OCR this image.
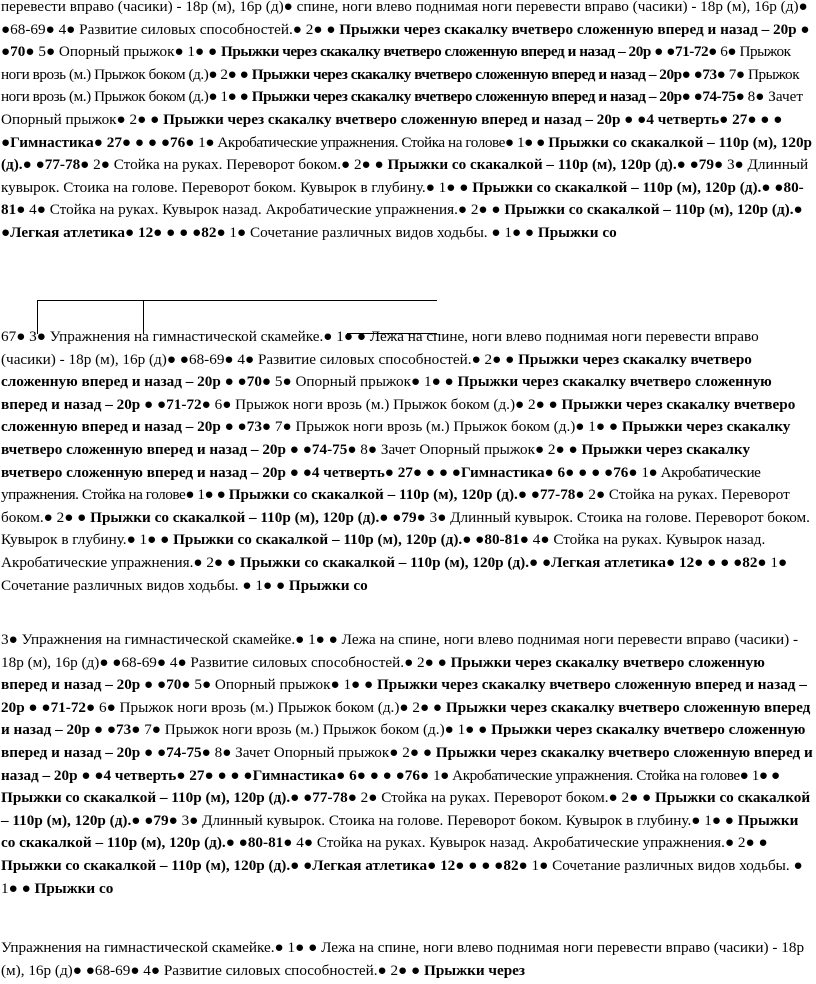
перевести вправо (часики) - 18р (м), 16р (д)● спине, ноги влево поднимая ноги перевести вправо (часики) - 18р (м), 16р (д)● ●68-69● 4● Развитие силовых способностей.● 2● ● Прыжки через скакалку вчетверо сложенную вперед и назад – 20р ● ●70● 5● Опорный прыжок● 1● ● Прыжки через скакалку вчетверо сложенную вперед и назад – 20р ● ●71-72● 6● Прыжок ноги врозь (м.) Прыжок боком (д.)● 2● ● Прыжки через скакалку вчетверо сложенную вперед и назад – 20р● ●73● 7● Прыжок ноги врозь (м.) Прыжок боком (д.)● 1● ● Прыжки через скакалку вчетверо сложенную вперед и назад – 20р● ●74-75● 8● Зачет Опорный прыжок● 2● ● Прыжки через скакалку вчетверо сложенную вперед и назад – 20р ● ●4 четверть● 27● ● ● ●Гимнастика● 27● ● ● ●76● 1● Акробатические упражнения. Стойка на голове● 1● ● Прыжки со скакалкой – 110р (м), 120р (д).● ●77-78● 2● Стойка на руках. Переворот боком.● 2● ● Прыжки со скакалкой – 110р (м), 120р (д).● ●79● 3● Длинный кувырок. Стоика на голове. Переворот боком. Кувырок в глубину.● 1● ● Прыжки со скакалкой – 110р (м), 120р (д).● ●80-81● 4● Стойка на руках. Кувырок назад. Акробатические упражнения.● 2● ● Прыжки со скакалкой – 110р (м), 120р (д).● ●Легкая атлетика● 12● ● ● ●82● 1● Сочетание различных видов ходьбы. ● 1● ● Прыжки со

67● 3● Упражнения на гимнастической скамейке.● 1● ● Лежа на спине, ноги влево поднимая ноги перевести вправо (часики) - 18р (м), 16р (д)● ●68-69● 4● Развитие силовых способностей.● 2● ● Прыжки через скакалку вчетверо сложенную вперед и назад – 20р ● ●70● 5● Опорный прыжок● 1● ● Прыжки через скакалку вчетверо сложенную вперед и назад – 20р ● ●71-72● 6● Прыжок ноги врозь (м.) Прыжок боком (д.)● 2● ● Прыжки через скакалку вчетверо сложенную вперед и назад – 20р ● ●73● 7● Прыжок ноги врозь (м.) Прыжок боком (д.)● 1● ● Прыжки через скакалку вчетверо сложенную вперед и назад – 20р ● ●74-75● 8● Зачет Опорный прыжок● 2● ● Прыжки через скакалку вчетверо сложенную вперед и назад – 20р ● ●4 четверть● 27● ● ● ●Гимнастика● 6● ● ● ●76● 1● Акробатические упражнения. Стойка на голове● 1● ● Прыжки со скакалкой – 110р (м), 120р (д).● ●77-78● 2● Стойка на руках. Переворот боком.● 2● ● Прыжки со скакалкой – 110р (м), 120р (д).● ●79● 3● Длинный кувырок. Стоика на голове. Переворот боком. Кувырок в глубину.● 1● ● Прыжки со скакалкой – 110р (м), 120р (д).● ●80-81● 4● Стойка на руках. Кувырок назад. Акробатические упражнения.● 2● ● Прыжки со скакалкой – 110р (м), 120р (д).● ●Легкая атлетика● 12● ● ● ●82● 1● Сочетание различных видов ходьбы. ● 1● ● Прыжки со

3● Упражнения на гимнастической скамейке.● 1● ● Лежа на спине, ноги влево поднимая ноги перевести вправо (часики) - 18р (м), 16р (д)● ●68-69● 4● Развитие силовых способностей.● 2● ● Прыжки через скакалку вчетверо сложенную вперед и назад – 20р ● ●70● 5● Опорный прыжок● 1● ● Прыжки через скакалку вчетверо сложенную вперед и назад – 20р ● ●71-72● 6● Прыжок ноги врозь (м.) Прыжок боком (д.)● 2● ● Прыжки через скакалку вчетверо сложенную вперед и назад – 20р ● ●73● 7● Прыжок ноги врозь (м.) Прыжок боком (д.)● 1● ● Прыжки через скакалку вчетверо сложенную вперед и назад – 20р ● ●74-75● 8● Зачет Опорный прыжок● 2● ● Прыжки через скакалку вчетверо сложенную вперед и назад – 20р ● ●4 четверть● 27● ● ● ●Гимнастика● 6● ● ● ●76● 1● Акробатические упражнения. Стойка на голове● 1● ● Прыжки со скакалкой – 110р (м), 120р (д).● ●77-78● 2● Стойка на руках. Переворот боком.● 2● ● Прыжки со скакалкой – 110р (м), 120р (д).● ●79● 3● Длинный кувырок. Стоика на голове. Переворот боком. Кувырок в глубину.● 1● ● Прыжки со скакалкой – 110р (м), 120р (д).● ●80-81● 4● Стойка на руках. Кувырок назад. Акробатические упражнения.● 2● ● Прыжки со скакалкой – 110р (м), 120р (д).● ●Легкая атлетика● 12● ● ● ●82● 1● Сочетание различных видов ходьбы. ● 1● ● Прыжки со

Упражнения на гимнастической скамейке.● 1● ● Лежа на спине, ноги влево поднимая ноги перевести вправо (часики) - 18р (м), 16р (д)● ●68-69● 4● Развитие силовых способностей.● 2● ● Прыжки через
